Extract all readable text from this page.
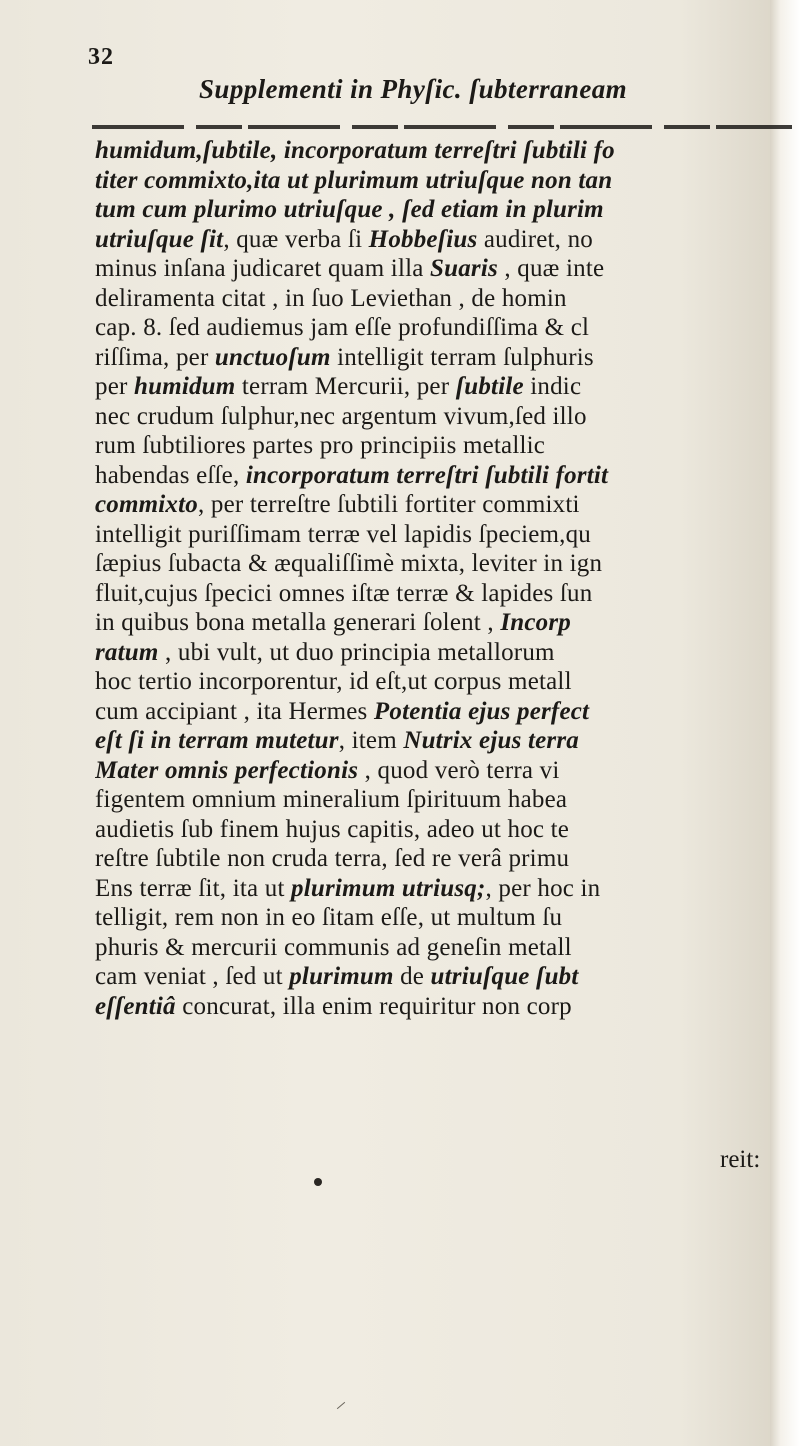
32
Supplementi in Phyſic. ſubterraneam
humidum,ſubtile, incorporatum terreſtri ſubtili fo
titer commixto,ita ut plurimum utriuſque non tan
tum cum plurimo utriuſque , ſed etiam in plurim
utriuſque ſit, quæ verba ſi Hobbeſius audiret, no
minus inſana judicaret quam illa Suaris , quæ inte
deliramenta citat , in ſuo Leviethan , de homin
cap. 8. ſed audiemus jam eſſe profundiſſima & cl
riſſima, per unctuoſum intelligit terram ſulphuris
per humidum terram Mercurii, per ſubtile indic
nec crudum ſulphur,nec argentum vivum,ſed illo
rum ſubtiliores partes pro principiis metallic
habendas eſſe, incorporatum terreſtri ſubtili fortit
commixto, per terreſtre ſubtili fortiter commixti
intelligit puriſſimam terræ vel lapidis ſpeciem,qu
ſæpius ſubacta & æqualiſſimè mixta, leviter in ign
fluit,cujus ſpecici omnes iſtæ terræ & lapides ſun
in quibus bona metalla generari ſolent , Incorp
ratum , ubi vult, ut duo principia metallorum
hoc tertio incorporentur, id eſt,ut corpus metall
cum accipiant , ita Hermes Potentia ejus perfect
eſt ſi in terram mutetur, item Nutrix ejus terra
Mater omnis perfectionis , quod verò terra vi
figentem omnium mineralium ſpirituum habea
audietis ſub finem hujus capitis, adeo ut hoc te
reſtre ſubtile non cruda terra, ſed re verâ primu
Ens terræ ſit, ita ut plurimum utriusq;, per hoc in
telligit, rem non in eo ſitam eſſe, ut multum ſu
phuris & mercurii communis ad geneſin metall
cam veniat , ſed ut plurimum de utriuſque ſubt
eſſentiâ concurat, illa enim requiritur non corp
reit:
